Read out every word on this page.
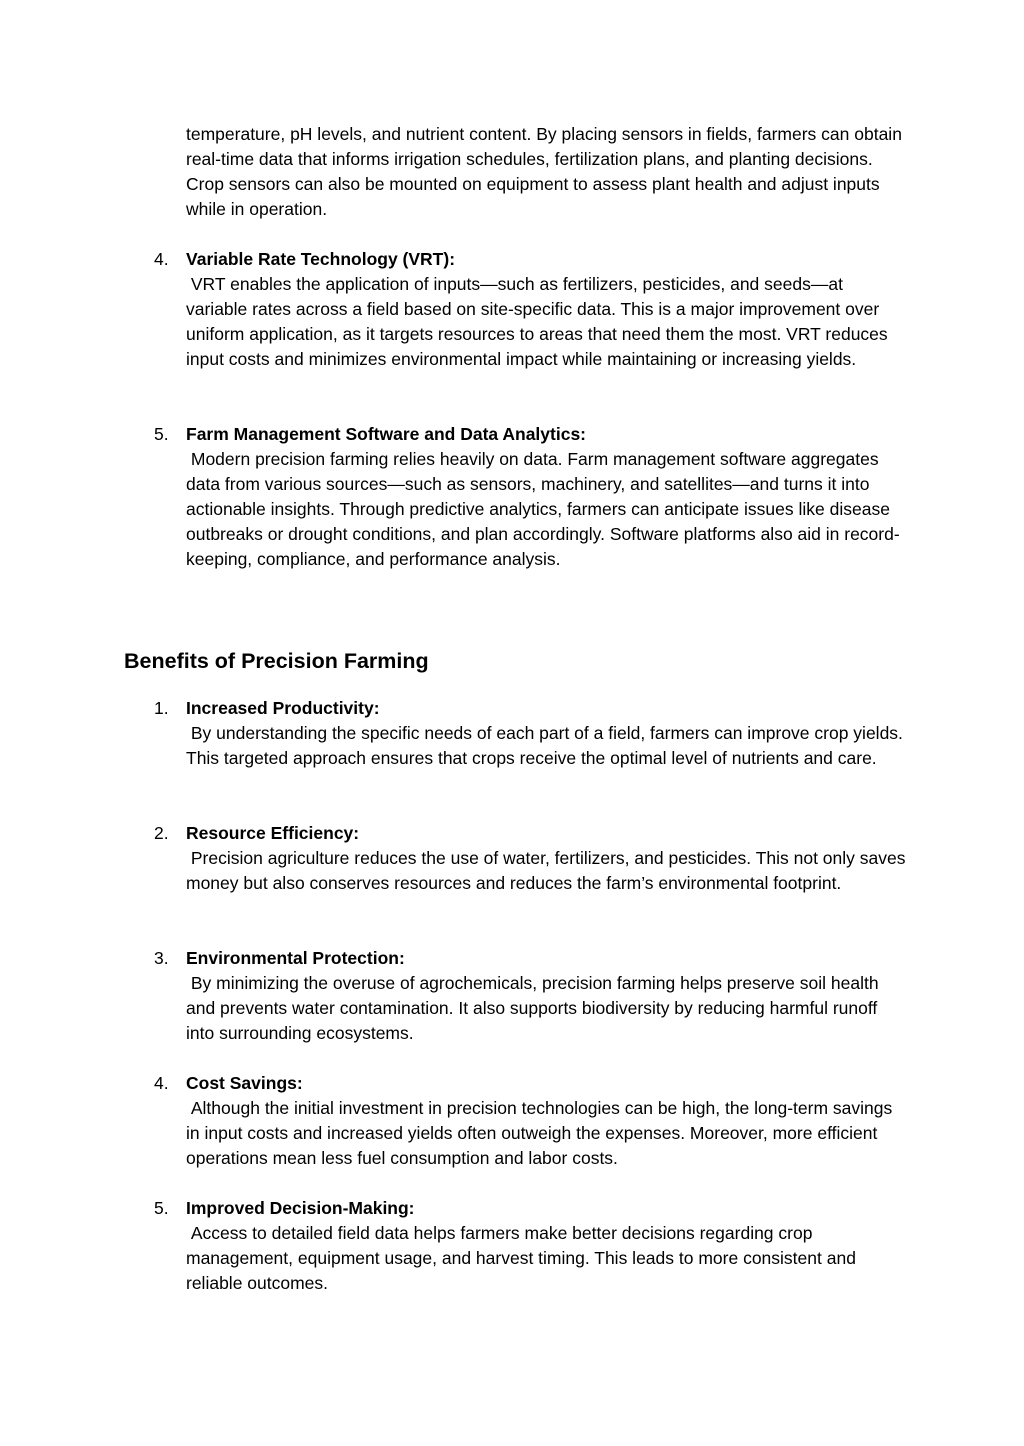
temperature, pH levels, and nutrient content. By placing sensors in fields, farmers can obtain real-time data that informs irrigation schedules, fertilization plans, and planting decisions. Crop sensors can also be mounted on equipment to assess plant health and adjust inputs while in operation.

4. Variable Rate Technology (VRT):
VRT enables the application of inputs—such as fertilizers, pesticides, and seeds—at variable rates across a field based on site-specific data. This is a major improvement over uniform application, as it targets resources to areas that need them the most. VRT reduces input costs and minimizes environmental impact while maintaining or increasing yields.
5. Farm Management Software and Data Analytics:
Modern precision farming relies heavily on data. Farm management software aggregates data from various sources—such as sensors, machinery, and satellites—and turns it into actionable insights. Through predictive analytics, farmers can anticipate issues like disease outbreaks or drought conditions, and plan accordingly. Software platforms also aid in record-keeping, compliance, and performance analysis.
Benefits of Precision Farming
1. Increased Productivity:
By understanding the specific needs of each part of a field, farmers can improve crop yields. This targeted approach ensures that crops receive the optimal level of nutrients and care.
2. Resource Efficiency:
Precision agriculture reduces the use of water, fertilizers, and pesticides. This not only saves money but also conserves resources and reduces the farm’s environmental footprint.
3. Environmental Protection:
By minimizing the overuse of agrochemicals, precision farming helps preserve soil health and prevents water contamination. It also supports biodiversity by reducing harmful runoff into surrounding ecosystems.
4. Cost Savings:
Although the initial investment in precision technologies can be high, the long-term savings in input costs and increased yields often outweigh the expenses. Moreover, more efficient operations mean less fuel consumption and labor costs.
5. Improved Decision-Making:
Access to detailed field data helps farmers make better decisions regarding crop management, equipment usage, and harvest timing. This leads to more consistent and reliable outcomes.
